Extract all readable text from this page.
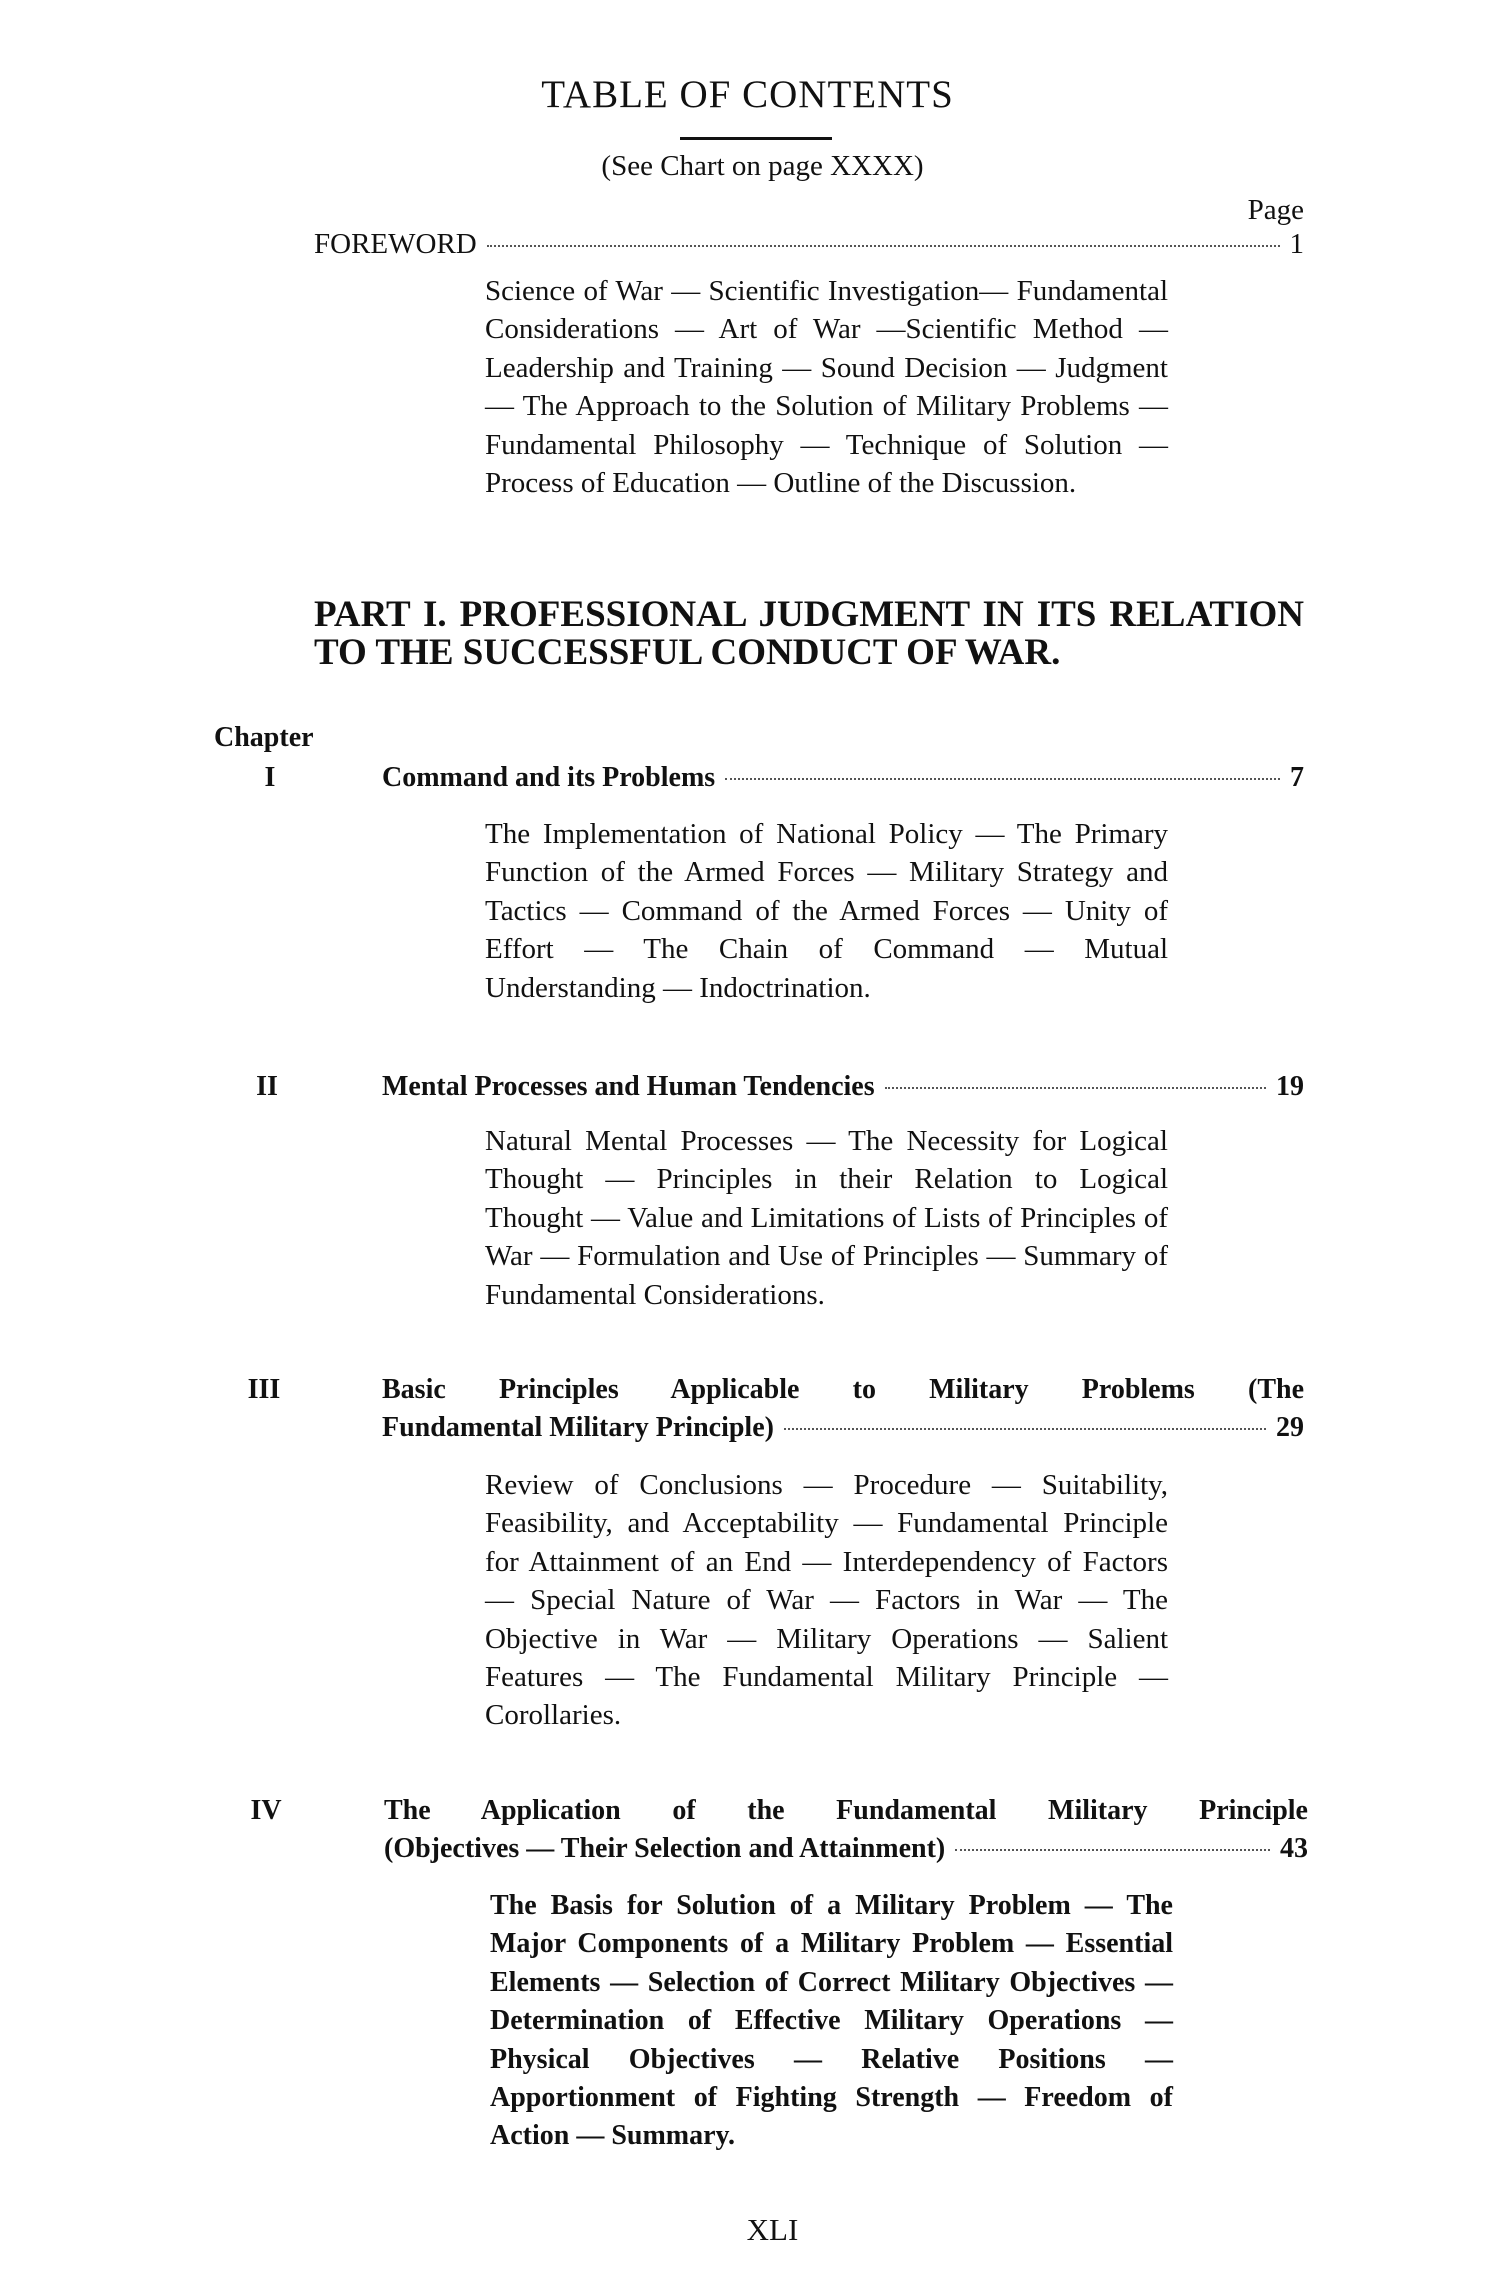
TABLE OF CONTENTS
(See Chart on page XXXX)
Page
FOREWORD	1
Science of War — Scientific Investigation— Fundamental Considerations — Art of War —Scientific Method — Leadership and Training — Sound Decision — Judgment — The Approach to the Solution of Military Problems — Fundamental Philosophy — Technique of Solution — Process of Education — Outline of the Discussion.
PART I. PROFESSIONAL JUDGMENT IN ITS RELATION TO THE SUCCESSFUL CONDUCT OF WAR.
Chapter
I	Command and its Problems	7
The Implementation of National Policy — The Primary Function of the Armed Forces — Military Strategy and Tactics — Command of the Armed Forces — Unity of Effort — The Chain of Command — Mutual Understanding — Indoctrination.
II	Mental Processes and Human Tendencies	19
Natural Mental Processes — The Necessity for Logical Thought — Principles in their Relation to Logical Thought — Value and Limitations of Lists of Principles of War — Formulation and Use of Principles — Summary of Fundamental Considerations.
III	Basic Principles Applicable to Military Problems (The
Fundamental Military Principle)	29
Review of Conclusions — Procedure — Suitability, Feasibility, and Acceptability — Fundamental Principle for Attainment of an End — Interdependency of Factors — Special Nature of War — Factors in War — The Objective in War — Military Operations — Salient Features — The Fundamental Military Principle — Corollaries.
IV	The Application of the Fundamental Military Principle
(Objectives — Their Selection and Attainment)	43
The Basis for Solution of a Military Problem — The Major Components of a Military Problem — Essential Elements — Selection of Correct Military Objectives — Determination of Effective Military Operations — Physical Objectives — Relative Positions — Apportionment of Fighting Strength — Freedom of Action — Summary.
XLI
